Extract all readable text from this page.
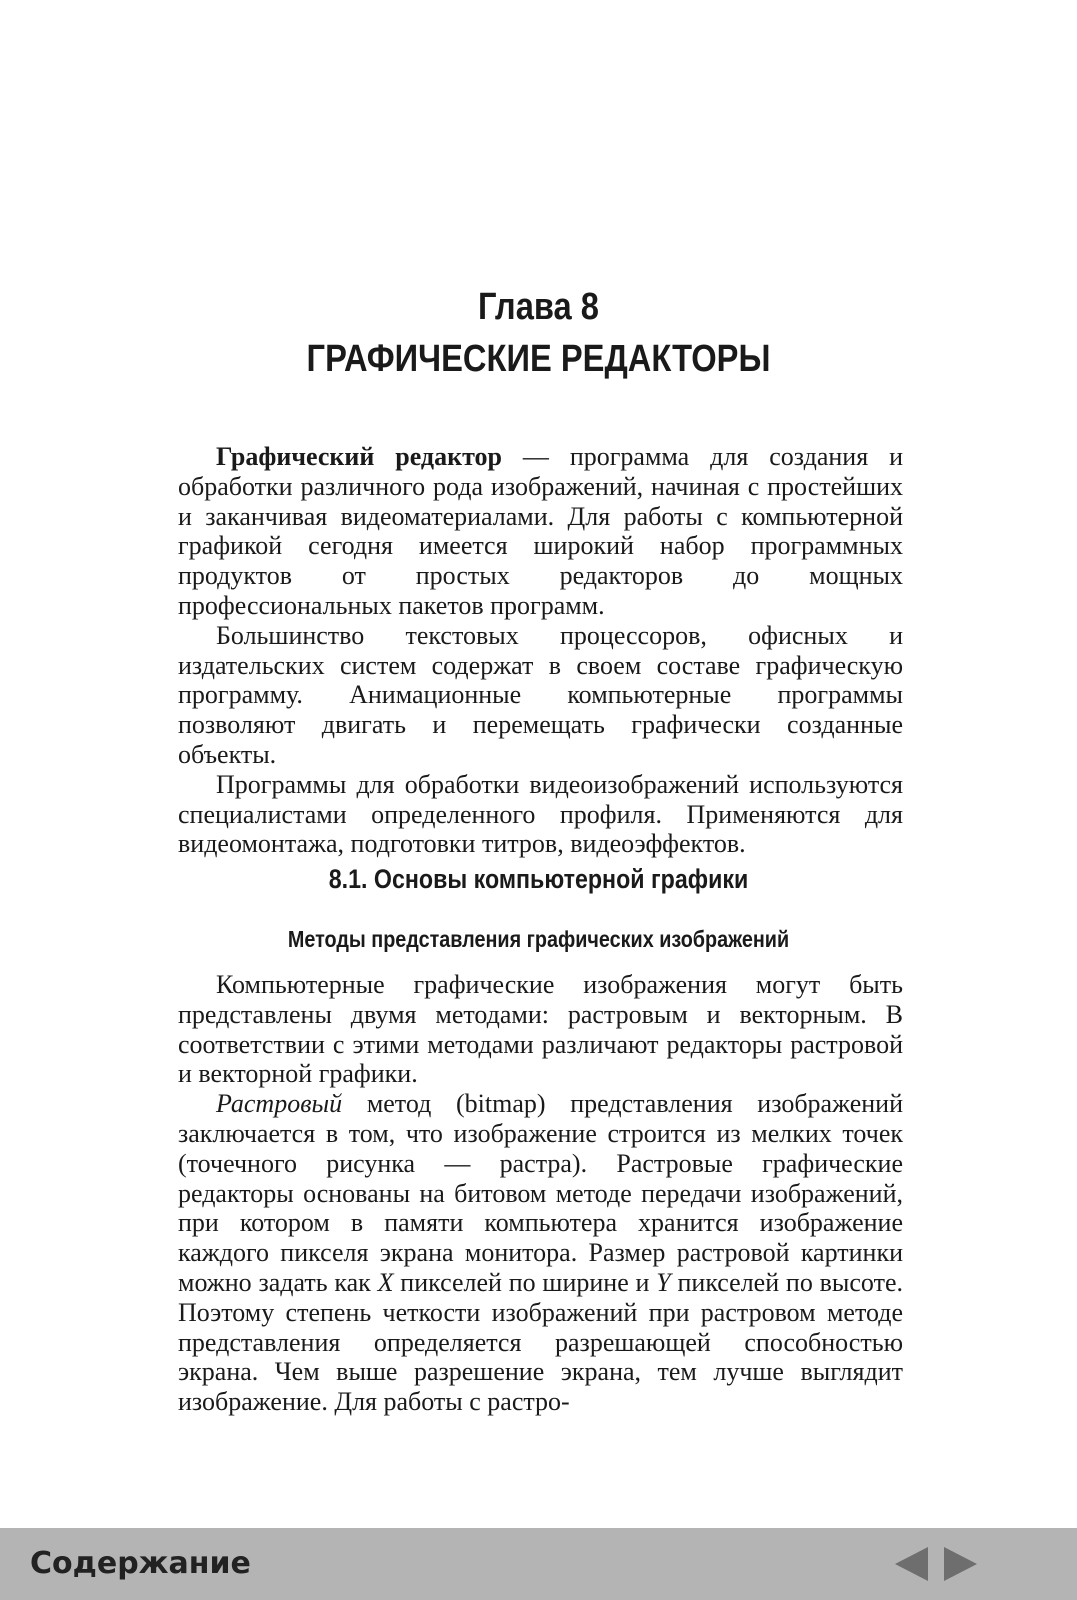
Глава 8
ГРАФИЧЕСКИЕ РЕДАКТОРЫ

Графический редактор — программа для создания и обработки различного рода изображений, начиная с простейших и заканчивая видеоматериалами. Для работы с компьютерной графикой сегодня имеется широкий набор программных продуктов от простых редакторов до мощных профессиональных пакетов программ.

Большинство текстовых процессоров, офисных и издательских систем содержат в своем составе графическую программу. Анимационные компьютерные программы позволяют двигать и перемещать графически созданные объекты.

Программы для обработки видеоизображений используются специалистами определенного профиля. Применяются для видеомонтажа, подготовки титров, видеоэффектов.

8.1. Основы компьютерной графики
Методы представления графических изображений

Компьютерные графические изображения могут быть представлены двумя методами: растровым и векторным. В соответствии с этими методами различают редакторы растровой и векторной графики.

Растровый метод (bitmap) представления изображений заключается в том, что изображение строится из мелких точек (точечного рисунка — растра). Растровые графические редакторы основаны на битовом методе передачи изображений, при котором в памяти компьютера хранится изображение каждого пикселя экрана монитора. Размер растровой картинки можно задать как X пикселей по ширине и Y пикселей по высоте. Поэтому степень четкости изображений при растровом методе представления определяется разрешающей способностью экрана. Чем выше разрешение экрана, тем лучше выглядит изображение. Для работы с растро-

Содержание
